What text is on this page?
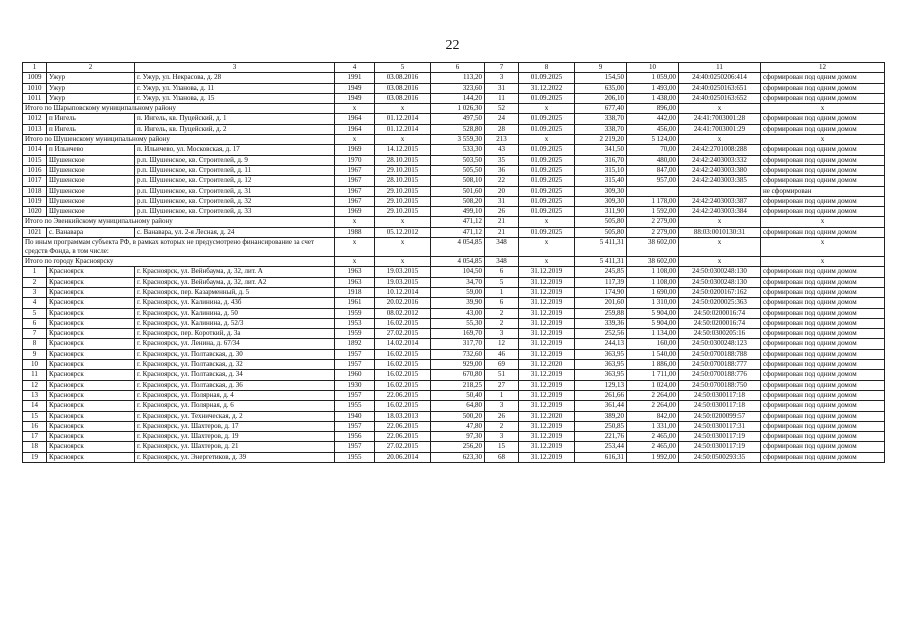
22
1	2	3	4	5	6	7	8	9	10	11	12
1009	Ужур	г. Ужур, ул. Некрасова, д. 28	1991	03.08.2016	113,20	3	01.09.2025	154,50	1 059,00	24:40:0250206:414	сформирован под одним домом
1010	Ужур	г. Ужур, ул. Уланова, д. 11	1949	03.08.2016	323,60	31	31.12.2022	635,00	1 493,00	24:40:0250163:651	сформирован под одним домом
1011	Ужур	г. Ужур, ул. Уланова, д. 15	1949	03.08.2016	144,20	11	01.09.2025	206,10	1 438,00	24:40:0250163:652	сформирован под одним домом
Итого по Шарыповскому муниципальному району			x	x	1 026,30	52	x	677,40	896,00	x	x
1012	п Ингель	п. Ингель, кв. Пуцейский, д. 1	1964	01.12.2014	497,50	24	01.09.2025	338,70	442,00	24:41:7003001:28	сформирован под одним домом
1013	п Ингель	п. Ингель, кв. Пуцейский, д. 2	1964	01.12.2014	528,80	28	01.09.2025	338,70	456,00	24:41:7003001:29	сформирован под одним домом
Итого по Шушенскому муниципальному району			x	x	3 559,30	213	x	2 219,20	5 124,00	x	x
1014	п Ильичево	п. Ильичево, ул. Московская, д. 17	1969	14.12.2015	533,30	43	01.09.2025	341,50	70,00	24:42:2701008:288	сформирован под одним домом
1015	Шушенское	р.п. Шушенское, кв. Строителей, д. 9	1970	28.10.2015	503,50	35	01.09.2025	316,70	480,00	24:42:2403003:332	сформирован под одним домом
1016	Шушенское	р.п. Шушенское, кв. Строителей, д. 11	1967	29.10.2015	505,50	36	01.09.2025	315,10	847,00	24:42:2403003:380	сформирован под одним домом
1017	Шушенское	р.п. Шушенское, кв. Строителей, д. 12	1967	28.10.2015	508,10	22	01.09.2025	315,40	957,00	24:42:2403003:385	сформирован под одним домом
1018	Шушенское	р.п. Шушенское, кв. Строителей, д. 31	1967	29.10.2015	501,60	20	01.09.2025	309,30			не сформирован
1019	Шушенское	р.п. Шушенское, кв. Строителей, д. 32	1967	29.10.2015	508,20	31	01.09.2025	309,30	1 178,00	24:42:2403003:387	сформирован под одним домом
1020	Шушенское	р.п. Шушенское, кв. Строителей, д. 33	1969	29.10.2015	499,10	26	01.09.2025	311,90	1 592,00	24:42:2403003:384	сформирован под одним домом
Итого по Эвенкийскому муниципальному району			x	x	471,12	21	x	505,80	2 279,00	x	x
1021	с. Ванавара	с. Ванавара, ул. 2-я Лесная, д. 24	1988	05.12.2012	471,12	21	01.09.2025	505,80	2 279,00	88:03:0010130:31	сформирован под одним домом
По иным программам субъекта РФ, в рамках которых не предусмотрено финансирование за счет средств Фонда, в том числе:			x	x	4 054,85	348	x	5 411,31	38 602,00	x	x
Итого по городу Красноярску			x	x	4 054,85	348	x	5 411,31	38 602,00	x	x
1	Красноярск	г. Красноярск, ул. Вейнбаума, д. 32, лит. А	1963	19.03.2015	104,50	6	31.12.2019	245,85	1 108,00	24:50:0300248:130	сформирован под одним домом
2	Красноярск	г. Красноярск, ул. Вейнбаума, д. 32, лит. А2	1963	19.03.2015	34,70	5	31.12.2019	117,39	1 108,00	24:50:0300248:130	сформирован под одним домом
3	Красноярск	г. Красноярск, пер. Казарменный, д. 5	1918	10.12.2014	59,00	1	31.12.2019	174,90	1 690,00	24:50:0200167:162	сформирован под одним домом
4	Красноярск	г. Красноярск, ул. Калинина, д. 43б	1961	20.02.2016	39,90	6	31.12.2019	201,60	1 310,00	24:50:0200025:363	сформирован под одним домом
5	Красноярск	г. Красноярск, ул. Калинина, д. 50	1959	08.02.2012	43,00	2	31.12.2019	259,88	5 904,00	24:50:0200016:74	сформирован под одним домом
6	Красноярск	г. Красноярск, ул. Калинина, д. 52/3	1953	16.02.2015	55,30	2	31.12.2019	339,36	5 904,00	24:50:0200016:74	сформирован под одним домом
7	Красноярск	г. Красноярск, пер. Короткий, д. 3а	1959	27.02.2015	169,70	3	31.12.2019	252,56	1 134,00	24:50:0300205:16	сформирован под одним домом
8	Красноярск	г. Красноярск, ул. Ленина, д. 67/34	1892	14.02.2014	317,70	12	31.12.2019	244,13	160,00	24:50:0300248:123	сформирован под одним домом
9	Красноярск	г. Красноярск, ул. Полтавская, д. 30	1957	16.02.2015	732,60	46	31.12.2019	363,95	1 540,00	24:50:0700188:788	сформирован под одним домом
10	Красноярск	г. Красноярск, ул. Полтавская, д. 32	1957	16.02.2015	929,00	69	31.12.2020	363,95	1 886,00	24:50:0700188:777	сформирован под одним домом
11	Красноярск	г. Красноярск, ул. Полтавская, д. 34	1960	16.02.2015	670,80	51	31.12.2019	363,95	1 711,00	24:50:0700188:776	сформирован под одним домом
12	Красноярск	г. Красноярск, ул. Полтавская, д. 36	1930	16.02.2015	218,25	27	31.12.2019	129,13	1 024,00	24:50:0700188:750	сформирован под одним домом
13	Красноярск	г. Красноярск, ул. Полярная, д. 4	1957	22.06.2015	50,40	1	31.12.2019	261,66	2 264,00	24:50:0300117:18	сформирован под одним домом
14	Красноярск	г. Красноярск, ул. Полярная, д. 6	1955	16.02.2015	64,80	3	31.12.2019	361,44	2 264,00	24:50:0300117:18	сформирован под одним домом
15	Красноярск	г. Красноярск, ул. Техническая, д. 2	1940	18.03.2013	500,20	26	31.12.2020	389,20	842,00	24:50:0200099:57	сформирован под одним домом
16	Красноярск	г. Красноярск, ул. Шахтеров, д. 17	1957	22.06.2015	47,80	2	31.12.2019	250,85	1 331,00	24:50:0300117:31	сформирован под одним домом
17	Красноярск	г. Красноярск, ул. Шахтеров, д. 19	1956	22.06.2015	97,30	3	31.12.2019	221,76	2 465,00	24:50:0300117:19	сформирован под одним домом
18	Красноярск	г. Красноярск, ул. Шахтеров, д. 21	1957	27.02.2015	256,20	15	31.12.2019	253,44	2 465,00	24:50:0300117:19	сформирован под одним домом
19	Красноярск	г. Красноярск, ул. Энергетиков, д. 39	1955	20.06.2014	623,30	68	31.12.2019	616,31	1 992,00	24:50:0500293:35	сформирован под одним домом
